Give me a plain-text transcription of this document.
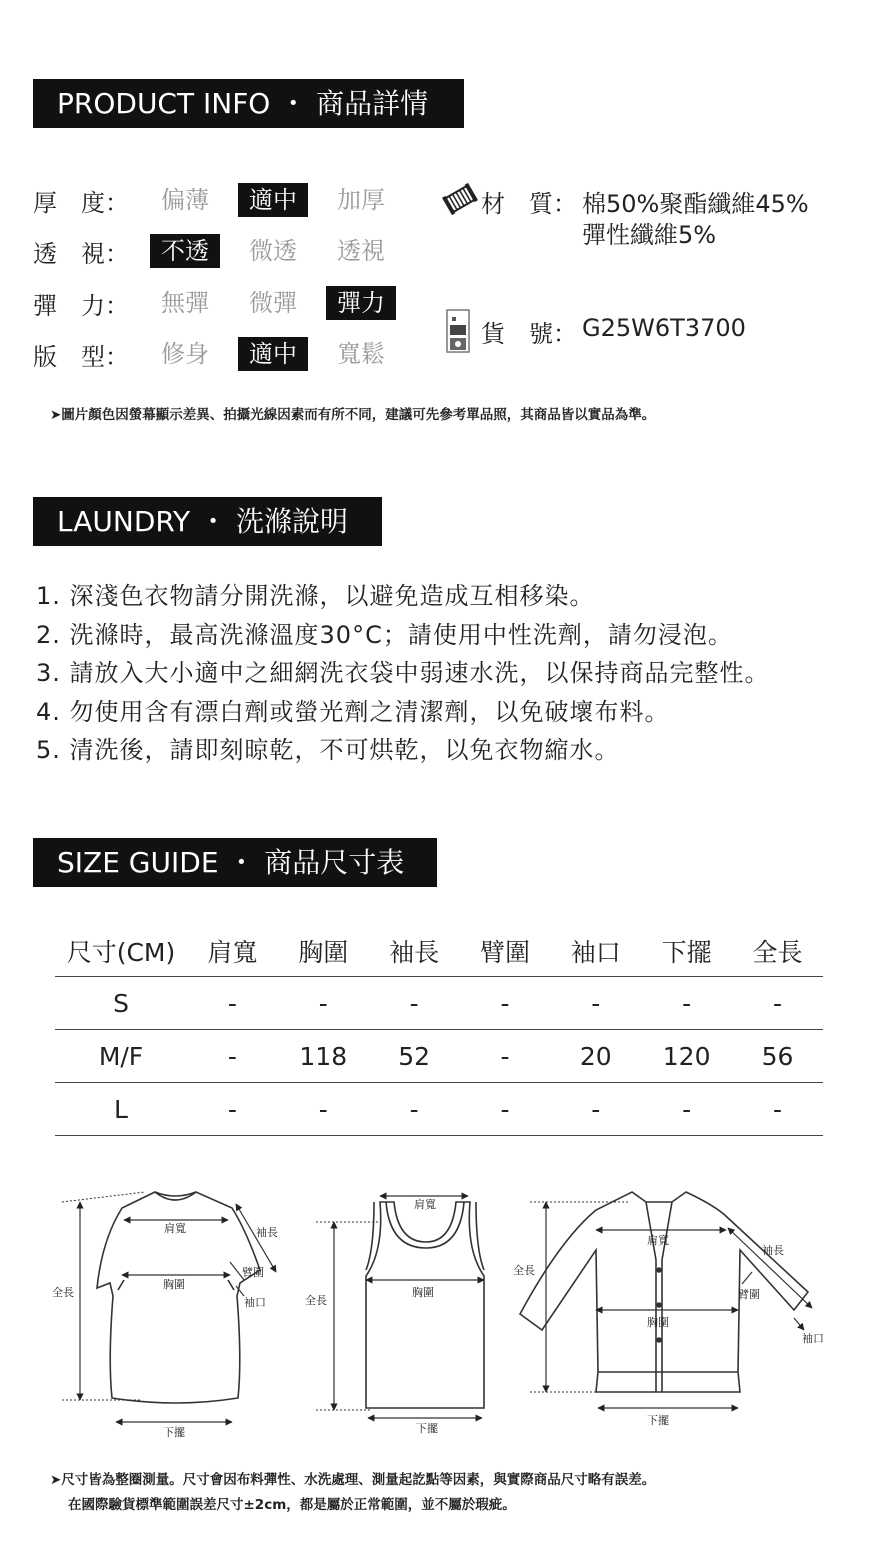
PRODUCT INFO ・ 商品詳情
厚　度：	偏薄	適中	加厚
透　視：	不透	微透	透視
彈　力：	無彈	微彈	彈力
版　型：	修身	適中	寬鬆
材　質： 棉50%聚酯纖維45%
彈性纖維5%
貨　號： G25W6T3700
➤圖片顏色因螢幕顯示差異、拍攝光線因素而有所不同，建議可先參考單品照，其商品皆以實品為準。
LAUNDRY ・ 洗滌說明
1. 深淺色衣物請分開洗滌，以避免造成互相移染。
2. 洗滌時，最高洗滌溫度30°C；請使用中性洗劑，請勿浸泡。
3. 請放入大小適中之細網洗衣袋中弱速水洗，以保持商品完整性。
4. 勿使用含有漂白劑或螢光劑之清潔劑，以免破壞布料。
5. 清洗後，請即刻晾乾，不可烘乾，以免衣物縮水。
SIZE GUIDE ・ 商品尺寸表
尺寸(CM)	肩寬	胸圍	袖長	臂圍	袖口	下擺	全長
S	-	-	-	-	-	-	-
M/F	-	118	52	-	20	120	56
L	-	-	-	-	-	-	-
肩寬
胸圍
袖長
臂圍
袖口
全長
下擺
肩寬
胸圍
全長
下擺
肩寬
胸圍
袖長
臂圍
袖口
全長
下擺
➤尺寸皆為整圈測量。尺寸會因布料彈性、水洗處理、測量起訖點等因素，與實際商品尺寸略有誤差。
在國際驗貨標準範圍誤差尺寸±2cm，都是屬於正常範圍，並不屬於瑕疵。
